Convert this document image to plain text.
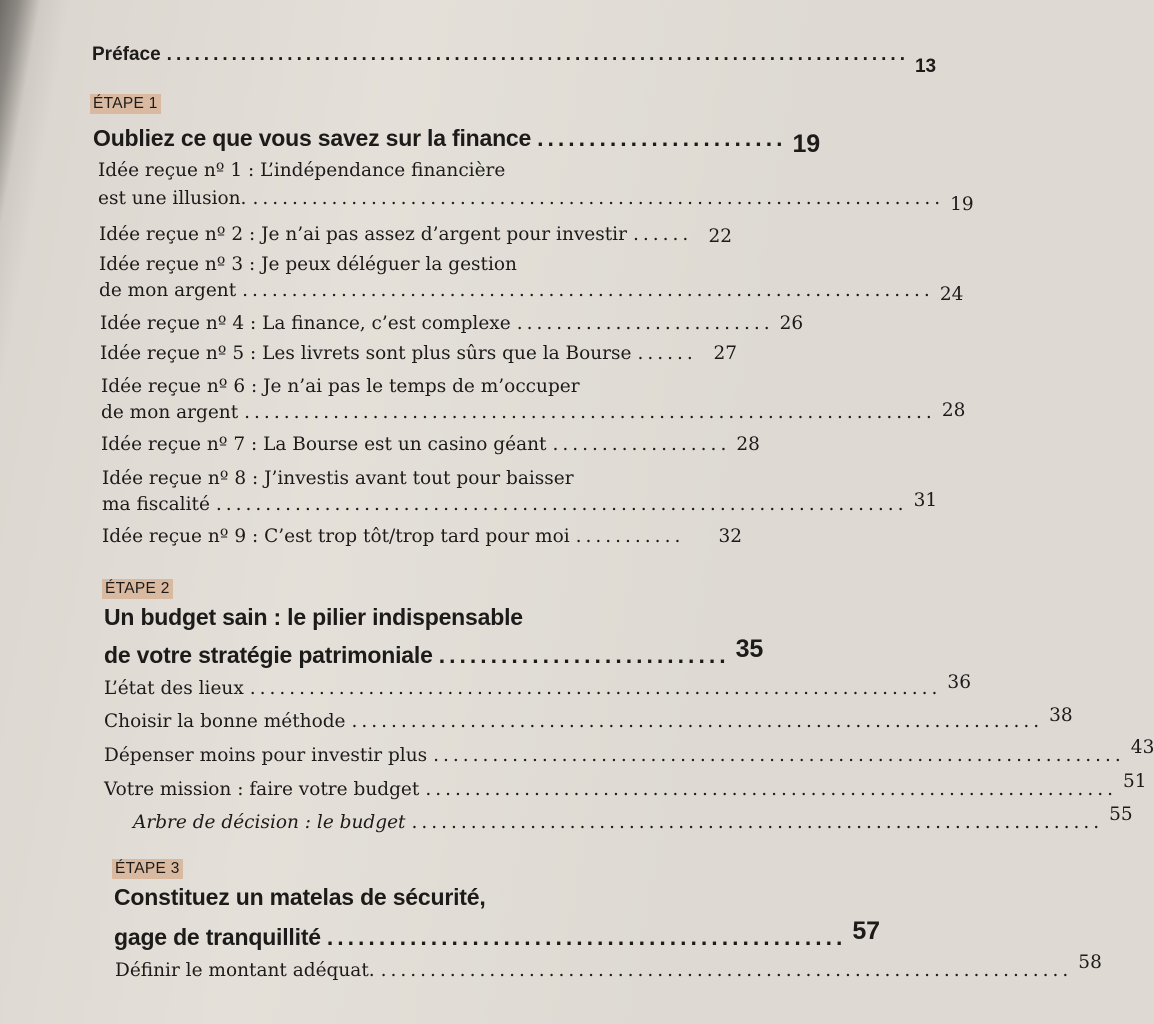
Préface ................................................................................
13
ÉTAPE 1
Oubliez ce que vous savez sur la finance ........................ 19
Idée reçue nº 1 : L’indépendance financière
est une illusion. ...................................................................... 19
Idée reçue nº 2 : Je n’ai pas assez d’argent pour investir ...... 22
Idée reçue nº 3 : Je peux déléguer la gestion
de mon argent ...................................................................... 24
Idée reçue nº 4 : La finance, c’est complexe .......................... 26
Idée reçue nº 5 : Les livrets sont plus sûrs que la Bourse ...... 27
Idée reçue nº 6 : Je n’ai pas le temps de m’occuper
de mon argent ...................................................................... 28
Idée reçue nº 7 : La Bourse est un casino géant .................. 28
Idée reçue nº 8 : J’investis avant tout pour baisser
ma fiscalité ...................................................................... 31
Idée reçue nº 9 : C’est trop tôt/trop tard pour moi ...........	32
ÉTAPE 2
Un budget sain : le pilier indispensable
de votre stratégie patrimoniale ............................ 35
L’état des lieux ...................................................................... 36
Choisir la bonne méthode ...................................................................... 38
Dépenser moins pour investir plus ...................................................................... 43
Votre mission : faire votre budget ...................................................................... 51
Arbre de décision : le budget ...................................................................... 55
ÉTAPE 3
Constituez un matelas de sécurité,
gage de tranquillité .................................................. 57
Définir le montant adéquat. ...................................................................... 58
